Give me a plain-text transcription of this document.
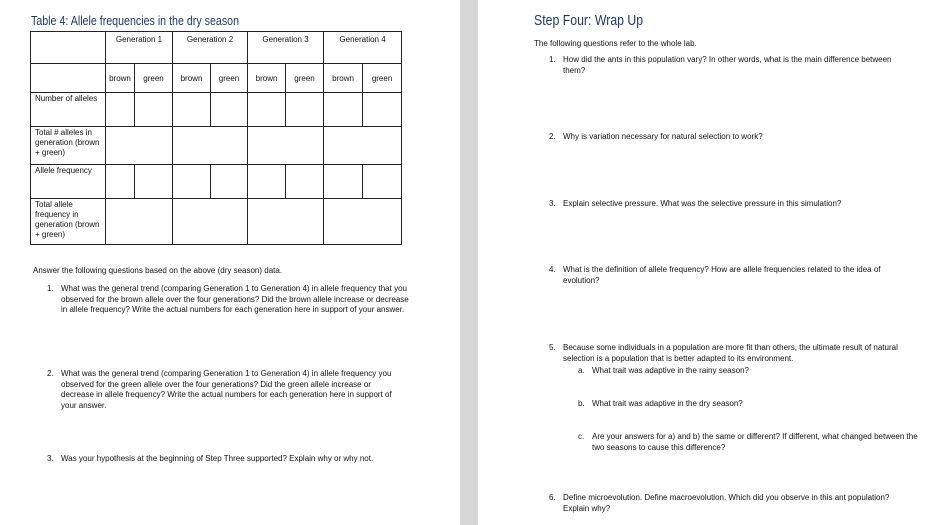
Table 4: Allele frequencies in the dry season
	Generation 1		Generation 2		Generation 3		Generation 4	
	brown	green	brown	green	brown	green	brown	green
Number of alleles								
Total # alleles in generation (brown + green)								
Allele frequency								
Total allele frequency in generation (brown + green)								
Answer the following questions based on the above (dry season) data.
1. What was the general trend (comparing Generation 1 to Generation 4) in allele frequency that you observed for the brown allele over the four generations? Did the brown allele increase or decrease in allele frequency? Write the actual numbers for each generation here in support of your answer.
2. What was the general trend (comparing Generation 1 to Generation 4) in allele frequency you observed for the green allele over the four generations? Did the green allele increase or decrease in allele frequency? Write the actual numbers for each generation here in support of your answer.
3. Was your hypothesis at the beginning of Step Three supported? Explain why or why not.
Step Four: Wrap Up
The following questions refer to the whole lab.
1. How did the ants in this population vary? In other words, what is the main difference between them?
2. Why is variation necessary for natural selection to work?
3. Explain selective pressure. What was the selective pressure in this simulation?
4. What is the definition of allele frequency? How are allele frequencies related to the idea of evolution?
5. Because some individuals in a population are more fit than others, the ultimate result of natural selection is a population that is better adapted to its environment.
a. What trait was adaptive in the rainy season?
b. What trait was adaptive in the dry season?
c. Are your answers for a) and b) the same or different? If different, what changed between the two seasons to cause this difference?
6. Define microevolution. Define macroevolution. Which did you observe in this ant population? Explain why?
